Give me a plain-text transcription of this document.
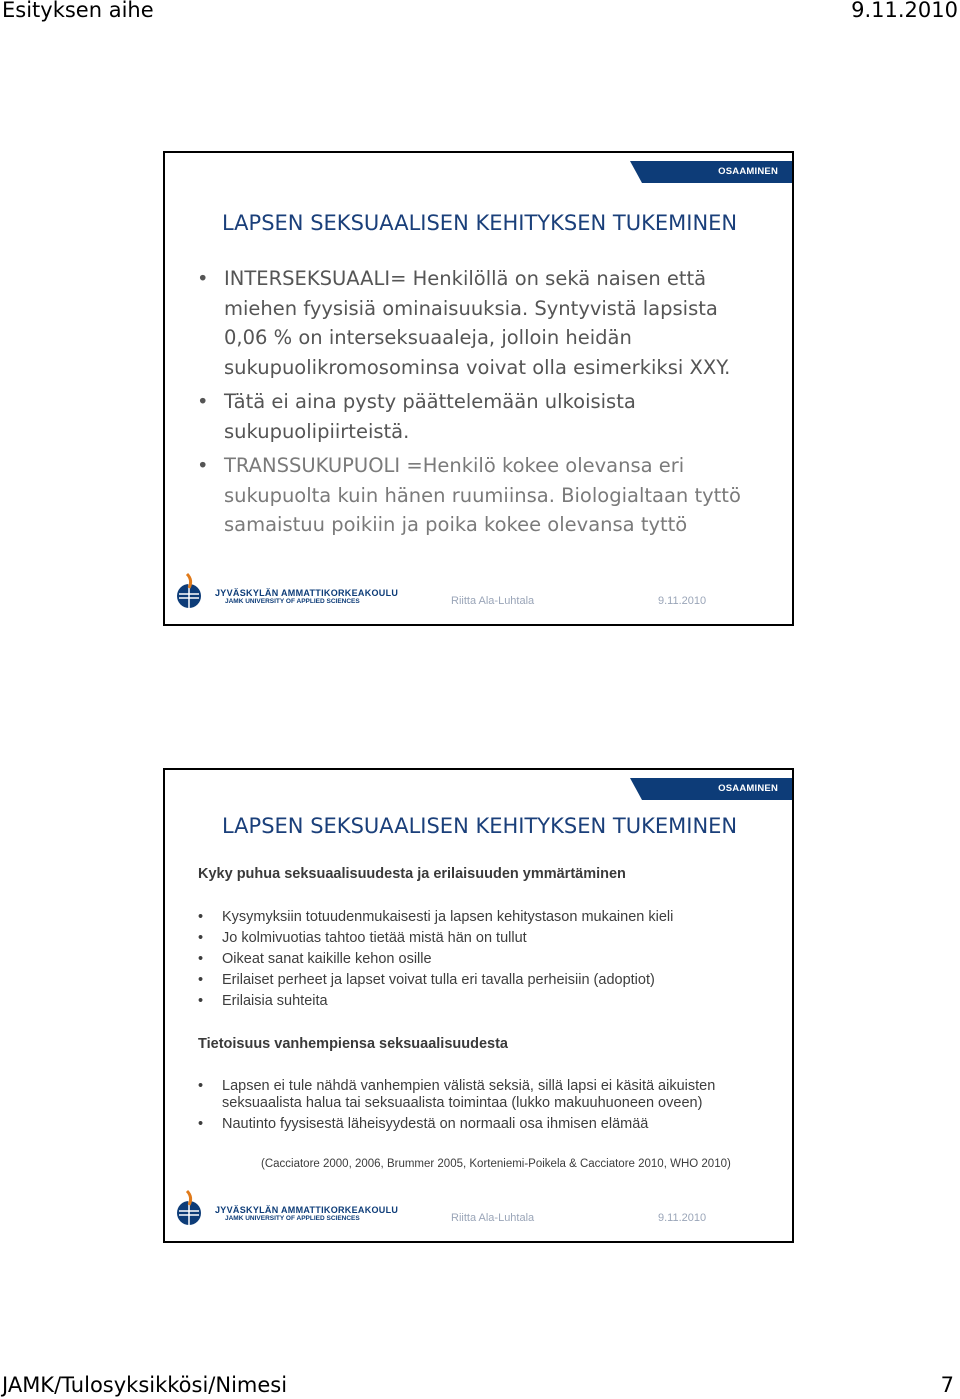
Esityksen aihe	9.11.2010
OSAAMINEN KILPAILUKYVYKSI
LAPSEN SEKSUAALISEN KEHITYKSEN TUKEMINEN
• INTERSEKSUAALI= Henkilöllä on sekä naisen että miehen fyysisiä ominaisuuksia. Syntyvistä lapsista 0,06 % on interseksuaaleja, jolloin heidän sukupuolikromosominsa voivat olla esimerkiksi XXY.
• Tätä ei aina pysty päättelemään ulkoisista sukupuolipiirteistä.
• TRANSSUKUPUOLI =Henkilö kokee olevansa eri sukupuolta kuin hänen ruumiinsa. Biologialtaan tyttö samaistuu poikiin ja poika kokee olevansa tyttö
JYVÄSKYLÄN AMMATTIKORKEAKOULU
JAMK UNIVERSITY OF APPLIED SCIENCES	Riitta Ala-Luhtala	9.11.2010
OSAAMINEN KILPAILUKYVYKSI
LAPSEN SEKSUAALISEN KEHITYKSEN TUKEMINEN
Kyky puhua seksuaalisuudesta ja erilaisuuden ymmärtäminen
• Kysymyksiin totuudenmukaisesti ja lapsen kehitystason mukainen kieli
• Jo kolmivuotias tahtoo tietää mistä hän on tullut
• Oikeat sanat kaikille kehon osille
• Erilaiset perheet ja lapset voivat tulla eri tavalla perheisiin (adoptiot)
• Erilaisia suhteita
Tietoisuus vanhempiensa seksuaalisuudesta
• Lapsen ei tule nähdä vanhempien välistä seksiä, sillä lapsi ei käsitä aikuisten seksuaalista halua tai seksuaalista toimintaa (lukko makuuhuoneen oveen)
• Nautinto fyysisestä läheisyydestä on normaali osa ihmisen elämää
(Cacciatore 2000, 2006, Brummer 2005, Korteniemi-Poikela & Cacciatore 2010, WHO 2010)
JYVÄSKYLÄN AMMATTIKORKEAKOULU
JAMK UNIVERSITY OF APPLIED SCIENCES	Riitta Ala-Luhtala	9.11.2010
JAMK/Tulosyksikkösi/Nimesi	7
